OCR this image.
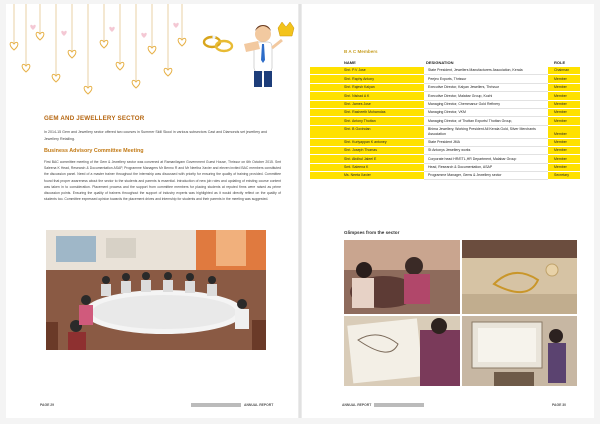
GEM AND JEWELLERY SECTOR

In 2014-15 Gem and Jewellery sector offered two courses in Summer Skill Skool in various subsectors Cast and Diamonds set jewellery and Jewellery Retailing.

Business Advisory Committee Meeting

First BAC committee meeting of the Gem & Jewellery sector was convened at Ramanilayam Government Guest House, Thrissur on 6th October 2015. Smt Saleena K Head, Research & Documentation ASAP, Programme Managers Mr Benno R and Mr Neetha Xavier and eleven invited BAC members constituted the discussion panel. Need of a master trainer throughout the internship was discussed with priority for ensuring the quality of training provided. Committee found that proper awareness about the sector to the students and parents is essential. Introduction of new job roles and updating of existing course content was taken in to consideration. Placement process and the support from committee members for placing students at reputed firms were raised as prime discussion points. Ensuring the quality of trainers throughout the support of industry experts was highlighted as it would directly reflect on the quality of students too. Committee expressed opinion towards the placement drives and internship for students and their parents in the meeting was suggested.

PAGE 29	ANNUAL REPORT
B A C Members
NAME	DESIGNATION	ROLE
Shri. P.V Jose	State President, Jewellers Manufacturers Association, Kerala	Chairman
Shri. Raphy Antony	Peejeo Exports, Thrissur	Member
Shri. Rajesh Kalyan	Executive Director, Kalyan Jewellers, Thrissur	Member
Shri. Nishad A K	Executive Director, Malabar Group, Kozhi	Member
Shri. James Jose	Managing Director, Chemmanur Gold Refinery	Member
Shri. Rasheeth Mohamdas	Managing Director, VKM	Member
Shri. Antony Thottan	Managing Director, of Thottan Exports/ Thottan Group,	Member
Shri. B Govindan	Bhima Jewellery, Working President All Kerala Gold, Silver Merchants Association	Member
Shri. Kuriyappan K antoney	State President JMA	Member
Shri. Joseph Thomas	St Antonys Jewellery works	Member
Shri. Abdhul Jaleel E	Corporate head HR/ETL,HR Department, Malabar Group	Member
Smt. Saleena K	Head, Research & Documentation, ASAP	Member
Ms. Neeta Xavier	Programme Manager, Gems & Jewellery sector	Secretary
Glimpses from the sector
ANNUAL REPORT	PAGE 30
